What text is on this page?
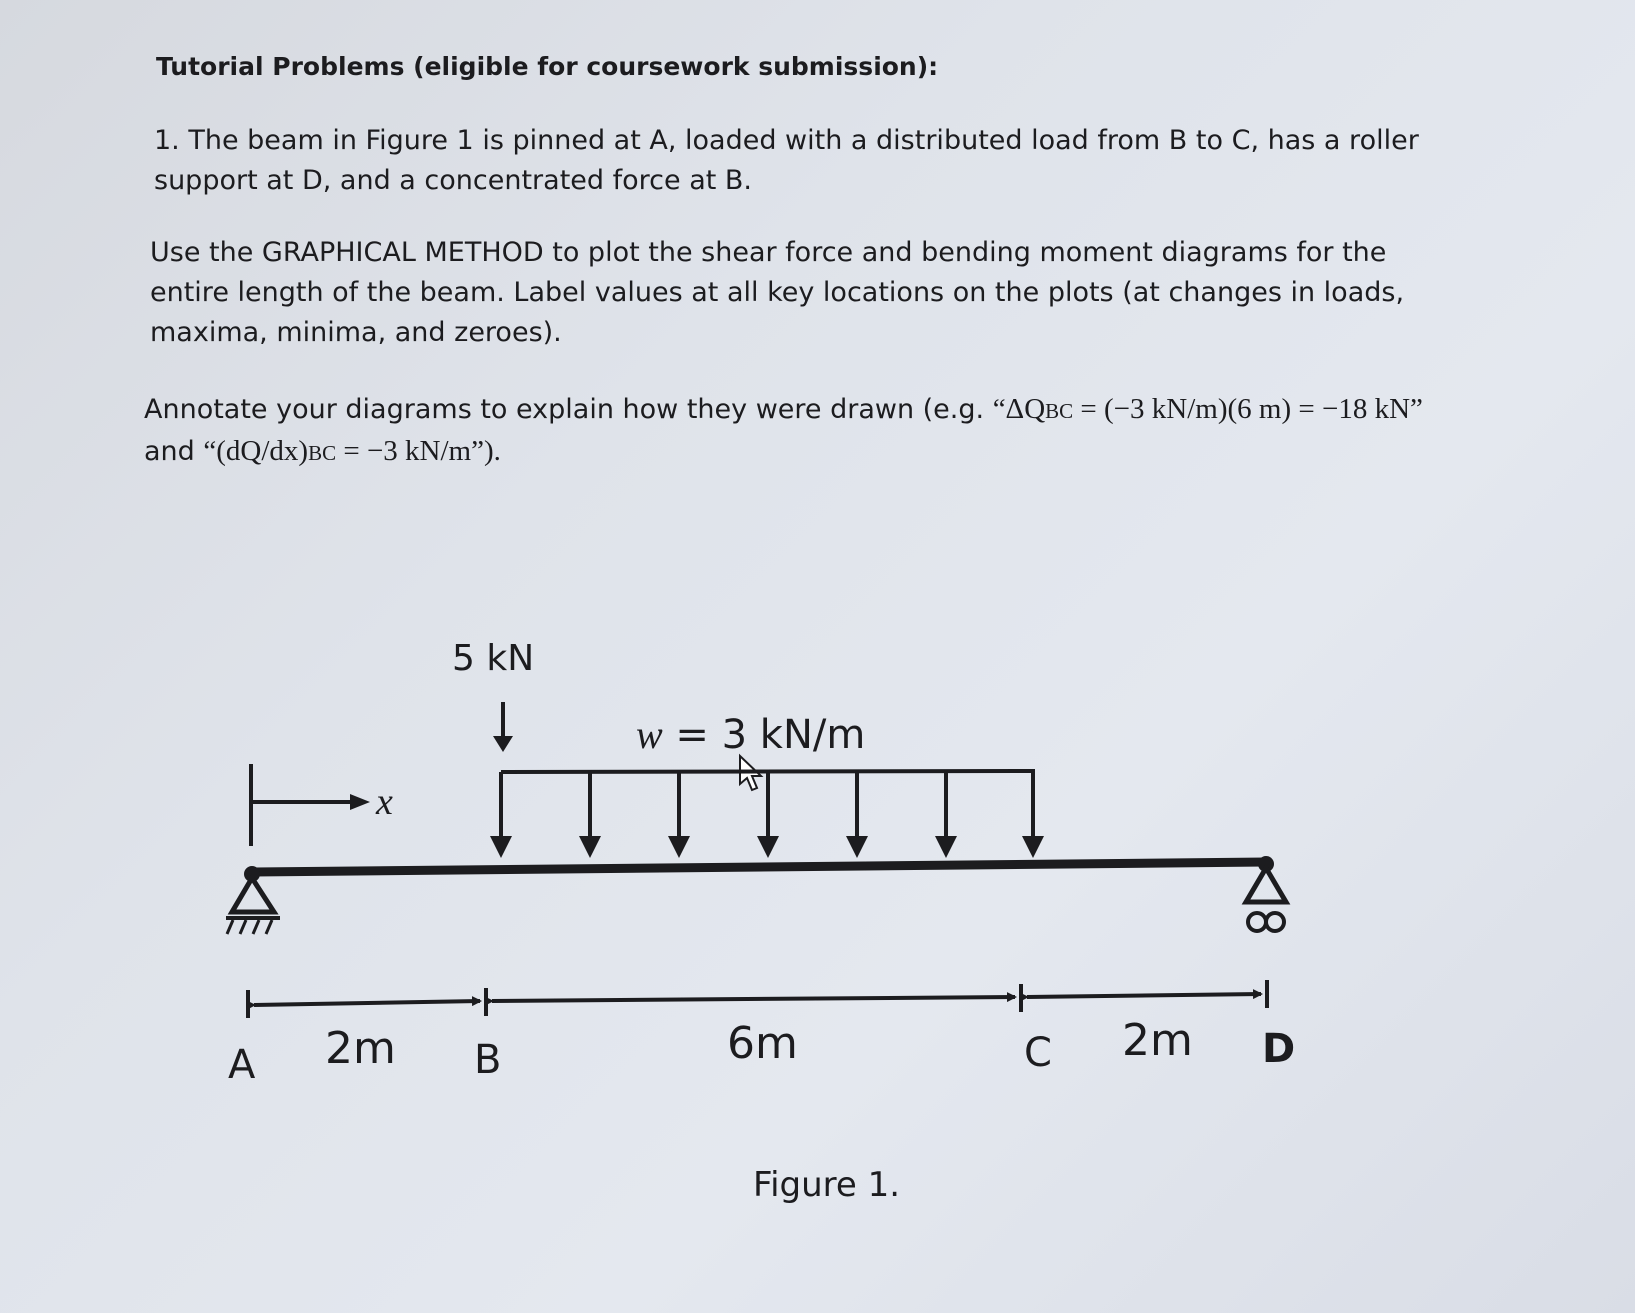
Tutorial Problems (eligible for coursework submission):

1. The beam in Figure 1 is pinned at A, loaded with a distributed load from B to C, has a roller support at D, and a concentrated force at B.

Use the GRAPHICAL METHOD to plot the shear force and bending moment diagrams for the entire length of the beam. Label values at all key locations on the plots (at changes in loads, maxima, minima, and zeroes).

Annotate your diagrams to explain how they were drawn (e.g. “ΔQBC = (−3 kN/m)(6 m) = −18 kN” and “(dQ/dx)BC = −3 kN/m”).

5 kN
w = 3 kN/m
x
A 2m B	6m	C 2m D
Figure 1.
